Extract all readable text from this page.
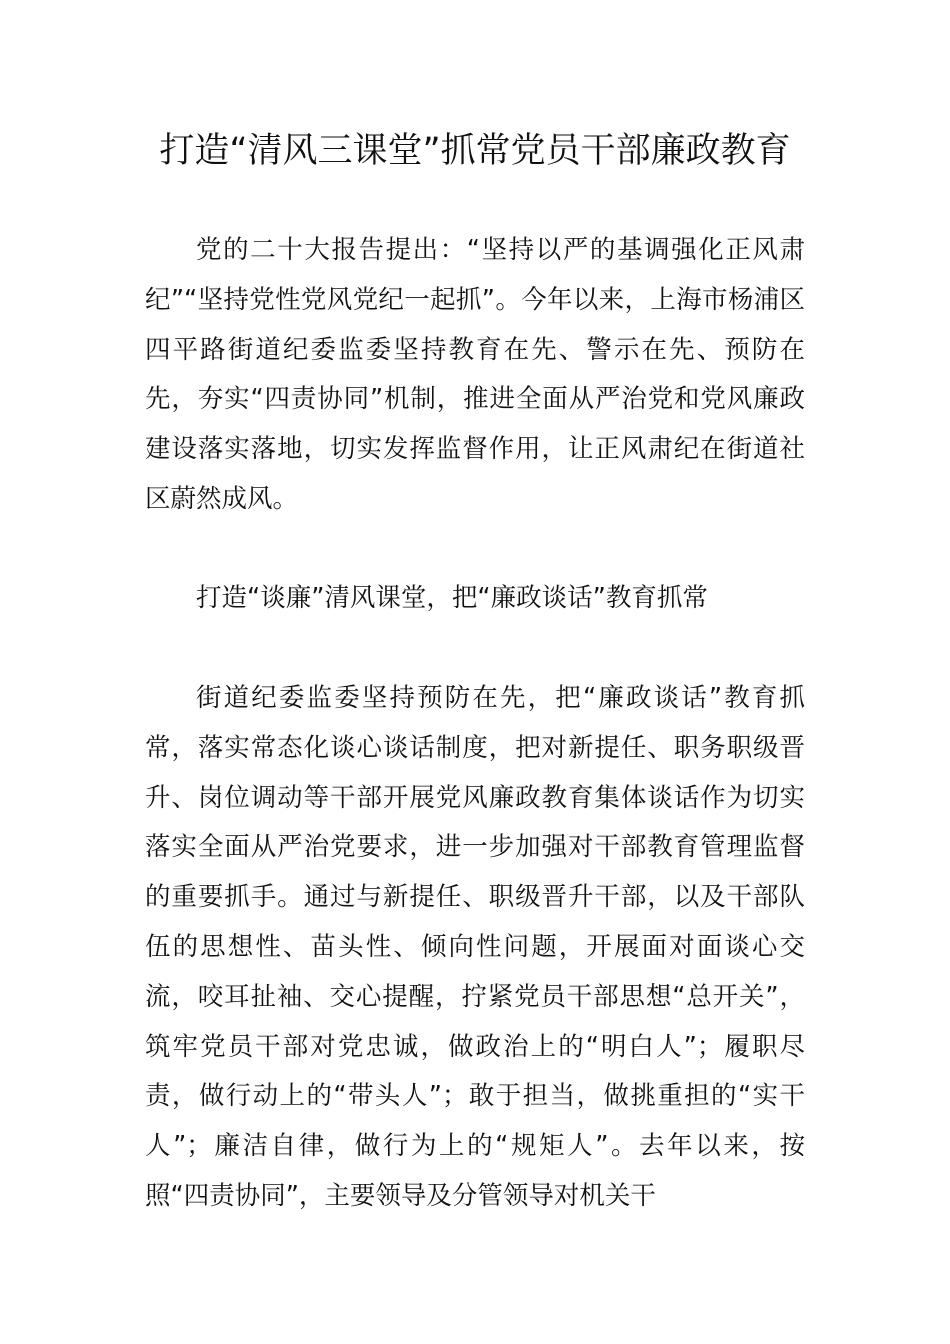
打造“清风三课堂”抓常党员干部廉政教育

党的二十大报告提出：“坚持以严的基调强化正风肃纪”“坚持党性党风党纪一起抓”。今年以来，上海市杨浦区四平路街道纪委监委坚持教育在先、警示在先、预防在先，夯实“四责协同”机制，推进全面从严治党和党风廉政建设落实落地，切实发挥监督作用，让正风肃纪在街道社区蔚然成风。

打造“谈廉”清风课堂，把“廉政谈话”教育抓常

街道纪委监委坚持预防在先，把“廉政谈话”教育抓常，落实常态化谈心谈话制度，把对新提任、职务职级晋升、岗位调动等干部开展党风廉政教育集体谈话作为切实落实全面从严治党要求，进一步加强对干部教育管理监督的重要抓手。通过与新提任、职级晋升干部，以及干部队伍的思想性、苗头性、倾向性问题，开展面对面谈心交流，咬耳扯袖、交心提醒，拧紧党员干部思想“总开关”，筑牢党员干部对党忠诚，做政治上的“明白人”；履职尽责，做行动上的“带头人”；敢于担当，做挑重担的“实干人”；廉洁自律，做行为上的“规矩人”。去年以来，按照“四责协同”，主要领导及分管领导对机关干
